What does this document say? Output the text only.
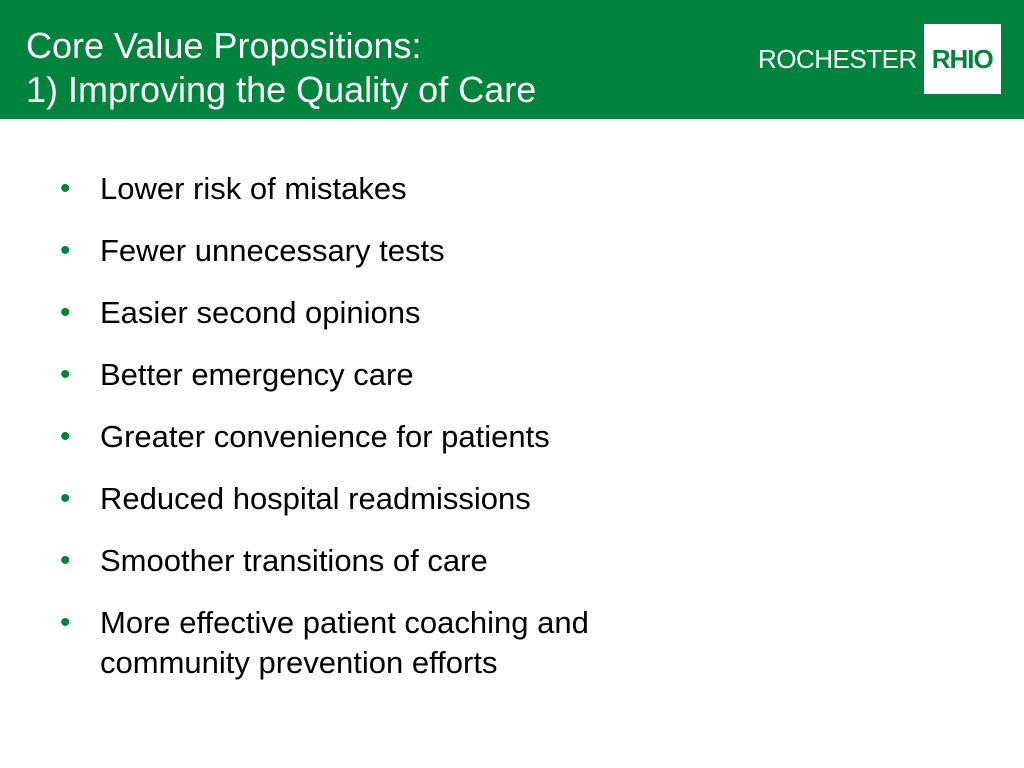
Core Value Propositions:
1) Improving the Quality of Care
ROCHESTER RHIO
• Lower risk of mistakes
• Fewer unnecessary tests
• Easier second opinions
• Better emergency care
• Greater convenience for patients
• Reduced hospital readmissions
• Smoother transitions of care
• More effective patient coaching and community prevention efforts
